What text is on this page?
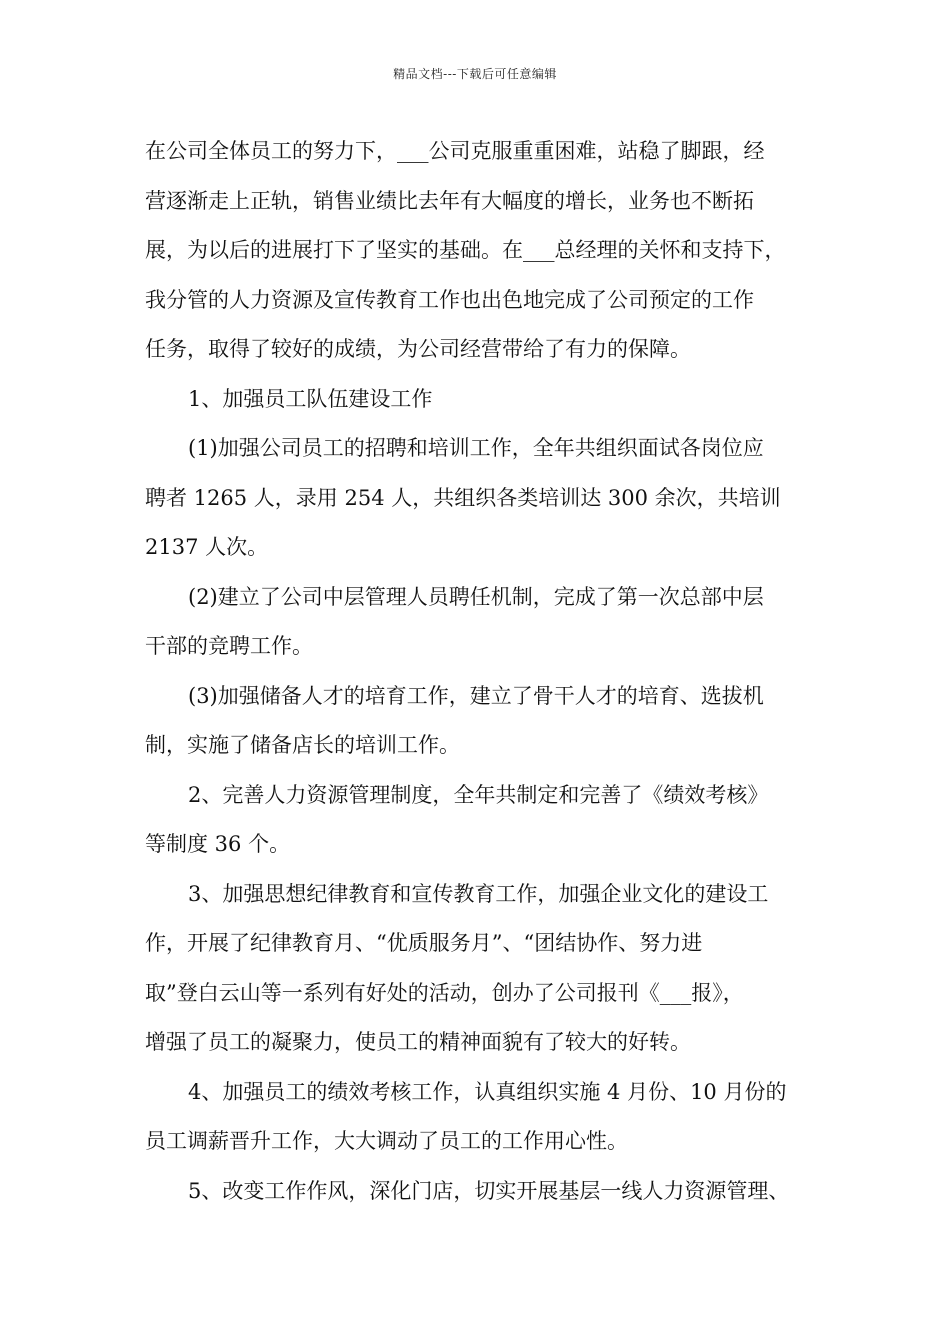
精品文档---下载后可任意编辑
在公司全体员工的努力下，___公司克服重重困难，站稳了脚跟，经
营逐渐走上正轨，销售业绩比去年有大幅度的增长，业务也不断拓
展，为以后的进展打下了坚实的基础。在___总经理的关怀和支持下，
我分管的人力资源及宣传教育工作也出色地完成了公司预定的工作
任务，取得了较好的成绩，为公司经营带给了有力的保障。
1、加强员工队伍建设工作
(1)加强公司员工的招聘和培训工作，全年共组织面试各岗位应
聘者 1265 人，录用 254 人，共组织各类培训达 300 余次，共培训
2137 人次。
(2)建立了公司中层管理人员聘任机制，完成了第一次总部中层
干部的竞聘工作。
(3)加强储备人才的培育工作，建立了骨干人才的培育、选拔机
制，实施了储备店长的培训工作。
2、完善人力资源管理制度，全年共制定和完善了《绩效考核》
等制度 36 个。
3、加强思想纪律教育和宣传教育工作，加强企业文化的建设工
作，开展了纪律教育月、“优质服务月”、“团结协作、努力进
取”登白云山等一系列有好处的活动，创办了公司报刊《___报》，
增强了员工的凝聚力，使员工的精神面貌有了较大的好转。
4、加强员工的绩效考核工作，认真组织实施 4 月份、10 月份的
员工调薪晋升工作，大大调动了员工的工作用心性。
5、改变工作作风，深化门店，切实开展基层一线人力资源管理、
